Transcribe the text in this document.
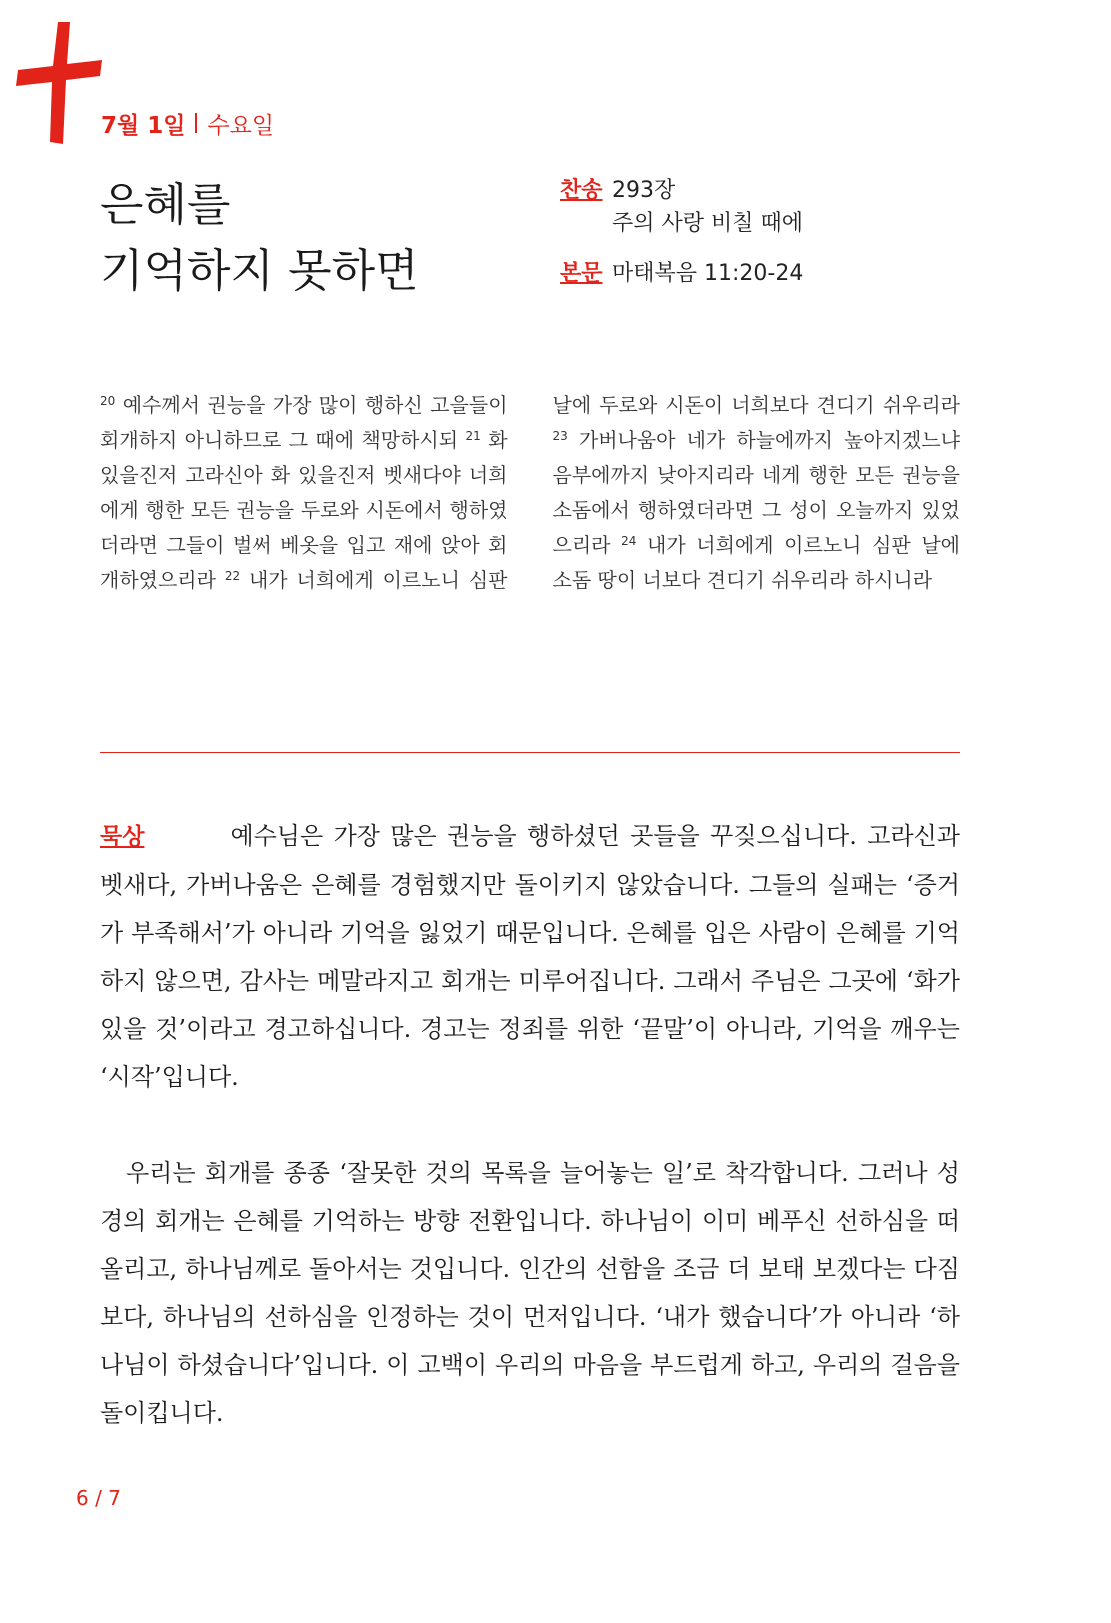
7월 1일 수요일
은혜를
기억하지 못하면
찬송 293장
주의 사랑 비칠 때에
본문 마태복음 11:20-24
$^{20}$ 예수께서 권능을 가장 많이 행하신 고을들이 회개하지 아니하므로 그 때에 책망하시되 $^{21}$ 화 있을진저 고라신아 화 있을진저 벳새다야 너희에게 행한 모든 권능을 두로와 시돈에서 행하였더라면 그들이 벌써 베옷을 입고 재에 앉아 회개하였으리라 $^{22}$ 내가 너희에게 이르노니 심판 날에 두로와 시돈이 너희보다 견디기 쉬우리라 $^{23}$ 가버나움아 네가 하늘에까지 높아지겠느냐 음부에까지 낮아지리라 네게 행한 모든 권능을 소돔에서 행하였더라면 그 성이 오늘까지 있었으리라 $^{24}$ 내가 너희에게 이르노니 심판 날에 소돔 땅이 너보다 견디기 쉬우리라 하시니라

묵상	예수님은 가장 많은 권능을 행하셨던 곳들을 꾸짖으십니다. 고라신과 벳새다, 가버나움은 은혜를 경험했지만 돌이키지 않았습니다. 그들의 실패는 ‘증거가 부족해서’가 아니라 기억을 잃었기 때문입니다. 은혜를 입은 사람이 은혜를 기억하지 않으면, 감사는 메말라지고 회개는 미루어집니다. 그래서 주님은 그곳에 ‘화가 있을 것’이라고 경고하십니다. 경고는 정죄를 위한 ‘끝말’이 아니라, 기억을 깨우는 ‘시작’입니다.

우리는 회개를 종종 ‘잘못한 것의 목록을 늘어놓는 일’로 착각합니다. 그러나 성경의 회개는 은혜를 기억하는 방향 전환입니다. 하나님이 이미 베푸신 선하심을 떠올리고, 하나님께로 돌아서는 것입니다. 인간의 선함을 조금 더 보태 보겠다는 다짐보다, 하나님의 선하심을 인정하는 것이 먼저입니다. ‘내가 했습니다’가 아니라 ‘하나님이 하셨습니다’입니다. 이 고백이 우리의 마음을 부드럽게 하고, 우리의 걸음을 돌이킵니다.

6 / 7
